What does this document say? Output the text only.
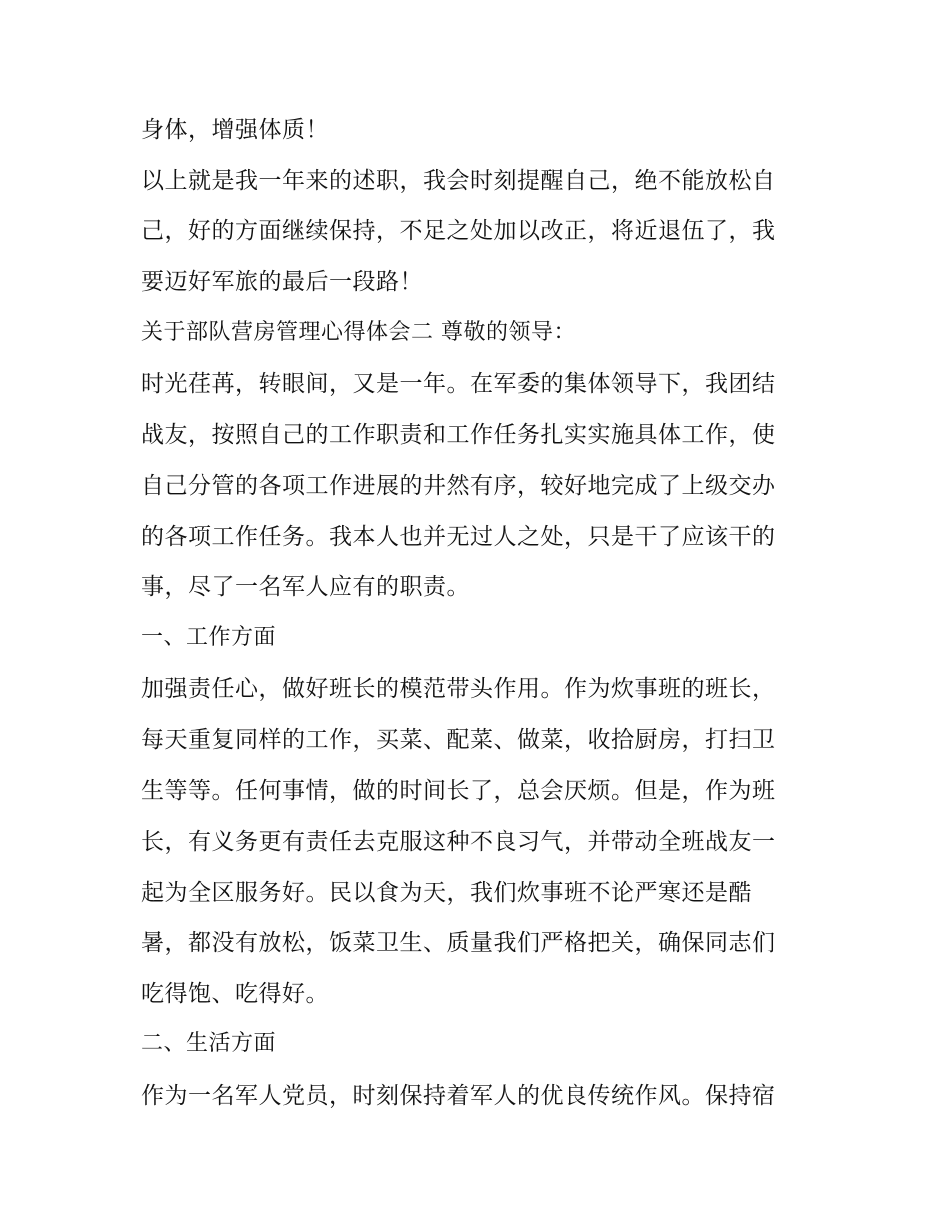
身体，增强体质！
以上就是我一年来的述职，我会时刻提醒自己，绝不能放松自
己，好的方面继续保持，不足之处加以改正，将近退伍了，我
要迈好军旅的最后一段路！
关于部队营房管理心得体会二 尊敬的领导：
时光荏苒，转眼间，又是一年。在军委的集体领导下，我团结
战友，按照自己的工作职责和工作任务扎实实施具体工作，使
自己分管的各项工作进展的井然有序，较好地完成了上级交办
的各项工作任务。我本人也并无过人之处，只是干了应该干的
事，尽了一名军人应有的职责。
一、工作方面
加强责任心，做好班长的模范带头作用。作为炊事班的班长，
每天重复同样的工作，买菜、配菜、做菜，收拾厨房，打扫卫
生等等。任何事情，做的时间长了，总会厌烦。但是，作为班
长，有义务更有责任去克服这种不良习气，并带动全班战友一
起为全区服务好。民以食为天，我们炊事班不论严寒还是酷
暑，都没有放松，饭菜卫生、质量我们严格把关，确保同志们
吃得饱、吃得好。
二、生活方面
作为一名军人党员，时刻保持着军人的优良传统作风。保持宿
